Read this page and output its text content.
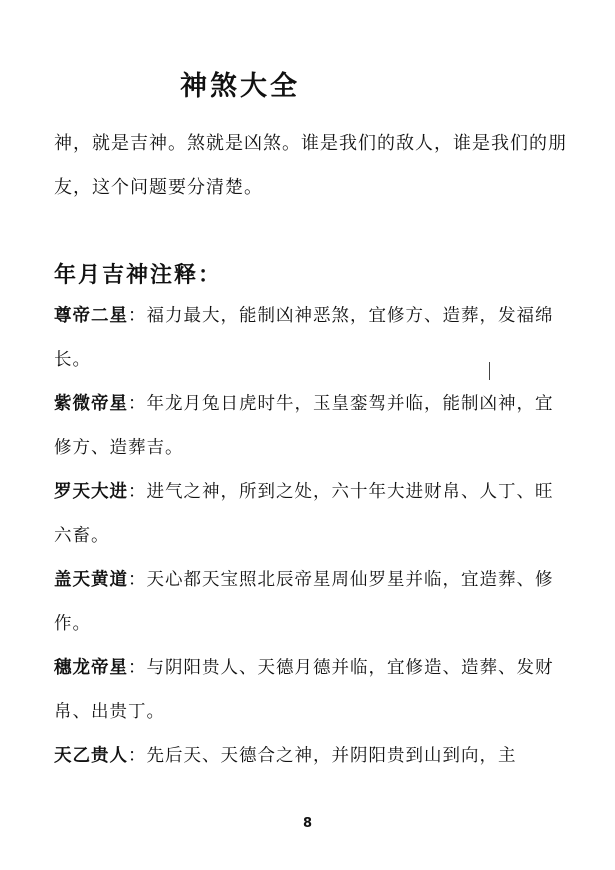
神煞大全
神，就是吉神。煞就是凶煞。谁是我们的敌人，谁是我们的朋友，这个问题要分清楚。
年月吉神注释：

尊帝二星：福力最大，能制凶神恶煞，宜修方、造葬，发福绵长。

紫微帝星：年龙月兔日虎时牛，玉皇銮驾并临，能制凶神，宜修方、造葬吉。

罗天大进：进气之神，所到之处，六十年大进财帛、人丁、旺六畜。

盖天黄道：天心都天宝照北辰帝星周仙罗星并临，宜造葬、修作。

穗龙帝星：与阴阳贵人、天德月德并临，宜修造、造葬、发财帛、出贵丁。

天乙贵人：先后天、天德合之神，并阴阳贵到山到向，主

8
